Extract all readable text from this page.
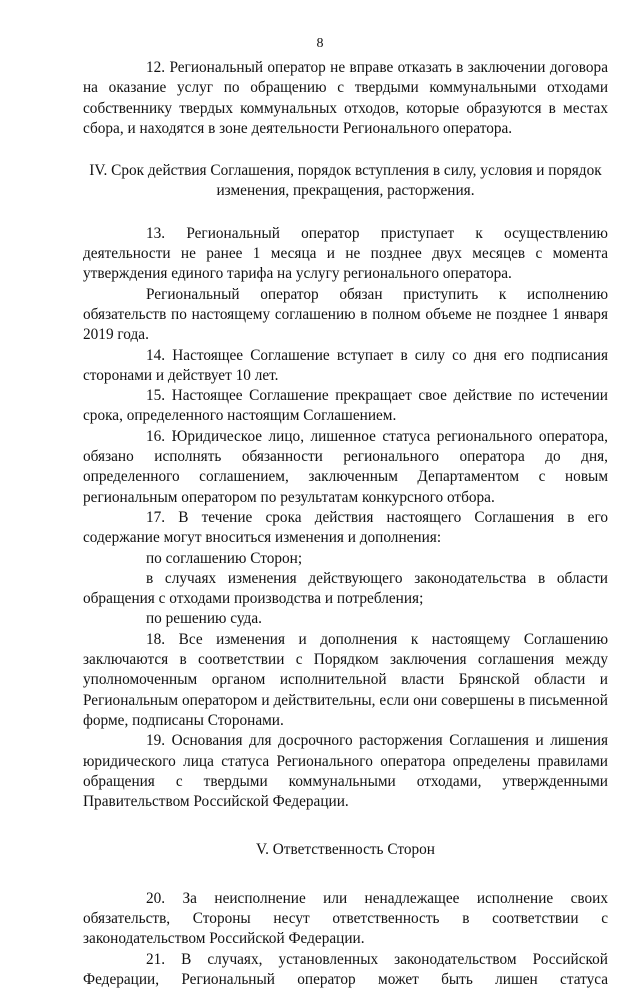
8

12. Региональный оператор не вправе отказать в заключении договора на оказание услуг по обращению с твердыми коммунальными отходами собственнику твердых коммунальных отходов, которые образуются в местах сбора, и находятся в зоне деятельности Регионального оператора.

IV. Срок действия Соглашения, порядок вступления в силу, условия и порядок изменения, прекращения, расторжения.

13. Региональный оператор приступает к осуществлению деятельности не ранее 1 месяца и не позднее двух месяцев с момента утверждения единого тарифа на услугу регионального оператора.

Региональный оператор обязан приступить к исполнению обязательств по настоящему соглашению в полном объеме не позднее 1 января 2019 года.

14. Настоящее Соглашение вступает в силу со дня его подписания сторонами и действует 10 лет.

15. Настоящее Соглашение прекращает свое действие по истечении срока, определенного настоящим Соглашением.

16. Юридическое лицо, лишенное статуса регионального оператора, обязано исполнять обязанности регионального оператора до дня, определенного соглашением, заключенным Департаментом с новым региональным оператором по результатам конкурсного отбора.

17. В течение срока действия настоящего Соглашения в его содержание могут вноситься изменения и дополнения:

по соглашению Сторон;

в случаях изменения действующего законодательства в области обращения с отходами производства и потребления;

по решению суда.

18. Все изменения и дополнения к настоящему Соглашению заключаются в соответствии с Порядком заключения соглашения между уполномоченным органом исполнительной власти Брянской области и Региональным оператором и действительны, если они совершены в письменной форме, подписаны Сторонами.

19. Основания для досрочного расторжения Соглашения и лишения юридического лица статуса Регионального оператора определены правилами обращения с твердыми коммунальными отходами, утвержденными Правительством Российской Федерации.

V. Ответственность Сторон

20. За неисполнение или ненадлежащее исполнение своих обязательств, Стороны несут ответственность в соответствии с законодательством Российской Федерации.

21. В случаях, установленных законодательством Российской Федерации, Региональный оператор может быть лишен статуса
